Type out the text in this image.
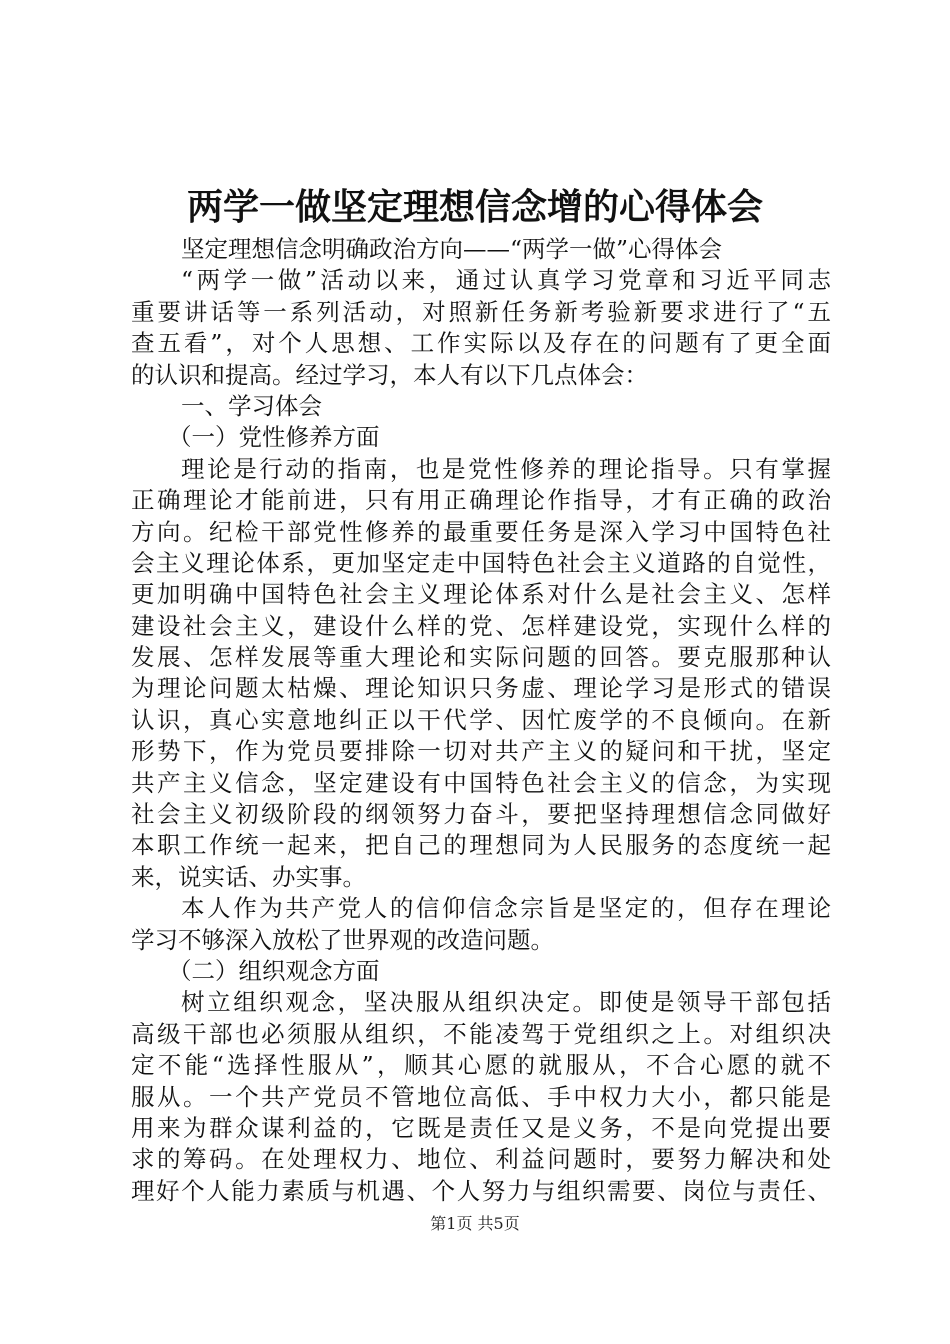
两学一做坚定理想信念增的心得体会
坚定理想信念明确政治方向——“两学一做”心得体会
“两学一做”活动以来，通过认真学习党章和习近平同志
重要讲话等一系列活动，对照新任务新考验新要求进行了“五
查五看”，对个人思想、工作实际以及存在的问题有了更全面
的认识和提高。经过学习，本人有以下几点体会：
一、学习体会
（一）党性修养方面
理论是行动的指南，也是党性修养的理论指导。只有掌握
正确理论才能前进，只有用正确理论作指导，才有正确的政治
方向。纪检干部党性修养的最重要任务是深入学习中国特色社
会主义理论体系，更加坚定走中国特色社会主义道路的自觉性，
更加明确中国特色社会主义理论体系对什么是社会主义、怎样
建设社会主义，建设什么样的党、怎样建设党，实现什么样的
发展、怎样发展等重大理论和实际问题的回答。要克服那种认
为理论问题太枯燥、理论知识只务虚、理论学习是形式的错误
认识，真心实意地纠正以干代学、因忙废学的不良倾向。在新
形势下，作为党员要排除一切对共产主义的疑问和干扰，坚定
共产主义信念，坚定建设有中国特色社会主义的信念，为实现
社会主义初级阶段的纲领努力奋斗，要把坚持理想信念同做好
本职工作统一起来，把自己的理想同为人民服务的态度统一起
来，说实话、办实事。
本人作为共产党人的信仰信念宗旨是坚定的，但存在理论
学习不够深入放松了世界观的改造问题。
（二）组织观念方面
树立组织观念，坚决服从组织决定。即使是领导干部包括
高级干部也必须服从组织，不能凌驾于党组织之上。对组织决
定不能“选择性服从”，顺其心愿的就服从，不合心愿的就不
服从。一个共产党员不管地位高低、手中权力大小，都只能是
用来为群众谋利益的，它既是责任又是义务，不是向党提出要
求的筹码。在处理权力、地位、利益问题时，要努力解决和处
理好个人能力素质与机遇、个人努力与组织需要、岗位与责任、
第1页 共5页
